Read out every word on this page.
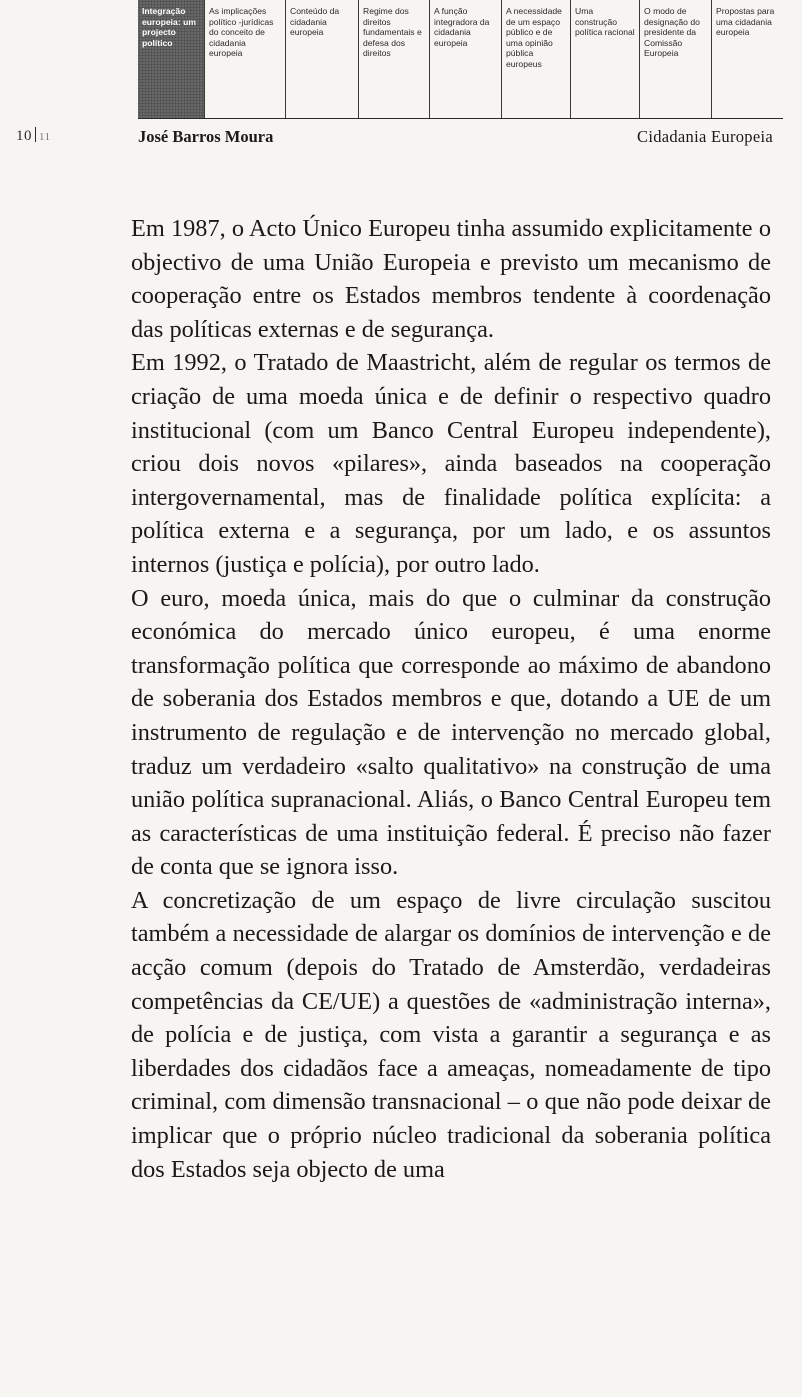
Integração europeia: um projecto político
As implicações político -jurídicas do conceito de cidadania europeia
Conteúdo da cidadania europeia
Regime dos direitos fundamentais e defesa dos direitos
A função integradora da cidadania europeia
A necessidade de um espaço público e de uma opinião pública europeus
Uma construção política racional
O modo de designação do presidente da Comissão Europeia
Propostas para uma cidadania europeia
10 11	José Barros Moura	Cidadania Europeia

Em 1987, o Acto Único Europeu tinha assumido explicitamente o objectivo de uma União Europeia e previsto um mecanismo de cooperação entre os Estados membros tendente à coordenação das políticas externas e de segurança.

Em 1992, o Tratado de Maastricht, além de regular os termos de criação de uma moeda única e de definir o respectivo quadro institucional (com um Banco Central Europeu independente), criou dois novos «pilares», ainda baseados na cooperação intergovernamental, mas de finalidade política explícita: a política externa e a segurança, por um lado, e os assuntos internos (justiça e polícia), por outro lado.

O euro, moeda única, mais do que o culminar da construção económica do mercado único europeu, é uma enorme transformação política que corresponde ao máximo de abandono de soberania dos Estados membros e que, dotando a UE de um instrumento de regulação e de intervenção no mercado global, traduz um verdadeiro «salto qualitativo» na construção de uma união política supranacional. Aliás, o Banco Central Europeu tem as características de uma instituição federal. É preciso não fazer de conta que se ignora isso.

A concretização de um espaço de livre circulação suscitou também a necessidade de alargar os domínios de intervenção e de acção comum (depois do Tratado de Amsterdão, verdadeiras competências da CE/UE) a questões de «administração interna», de polícia e de justiça, com vista a garantir a segurança e as liberdades dos cidadãos face a ameaças, nomeadamente de tipo criminal, com dimensão transnacional – o que não pode deixar de implicar que o próprio núcleo tradicional da soberania política dos Estados seja objecto de uma
